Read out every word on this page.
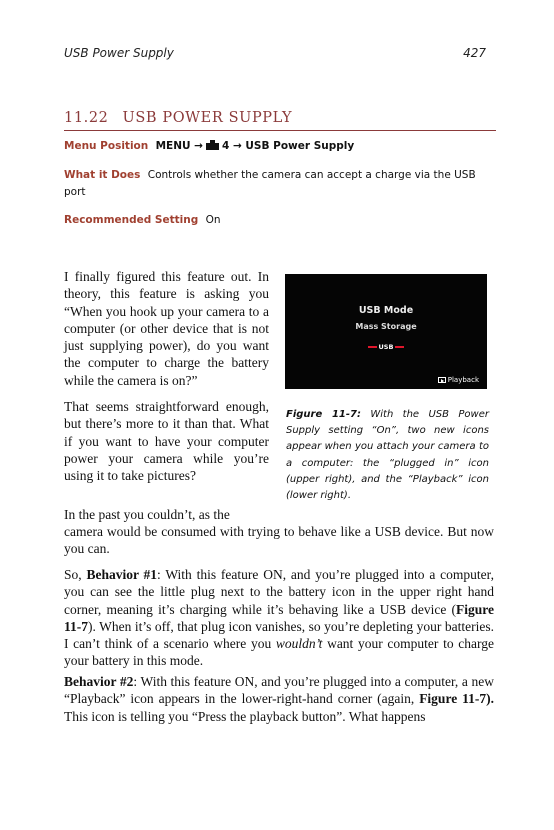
USB Power Supply	427
11.22 USB POWER SUPPLY
Menu Position MENU → 4 → USB Power Supply
What it Does Controls whether the camera can accept a charge via the USB port
Recommended Setting On

I finally figured this feature out. In theory, this feature is asking you “When you hook up your camera to a computer (or other device that is not just supplying power), do you want the computer to charge the battery while the camera is on?”

That seems straightforward enough, but there’s more to it than that. What if you want to have your computer power your camera while you’re using it to take pictures?

In the past you couldn’t, as the

camera would be consumed with trying to behave like a USB device. But now you can.

So, Behavior #1: With this feature ON, and you’re plugged into a computer, you can see the little plug next to the battery icon in the upper right hand corner, meaning it’s charging while it’s behaving like a USB device (Figure 11-7). When it’s off, that plug icon vanishes, so you’re depleting your batteries. I can’t think of a scenario where you wouldn’t want your computer to charge your battery in this mode.

Behavior #2: With this feature ON, and you’re plugged into a computer, a new “Playback” icon appears in the lower-right-hand corner (again, Figure 11-7). This icon is telling you “Press the playback button”. What happens

USB Mode
Mass Storage
USB
Playback
Figure 11-7: With the USB Power Supply setting “On”, two new icons appear when you attach your camera to a computer: the “plugged in” icon (upper right), and the “Playback” icon (lower right).
